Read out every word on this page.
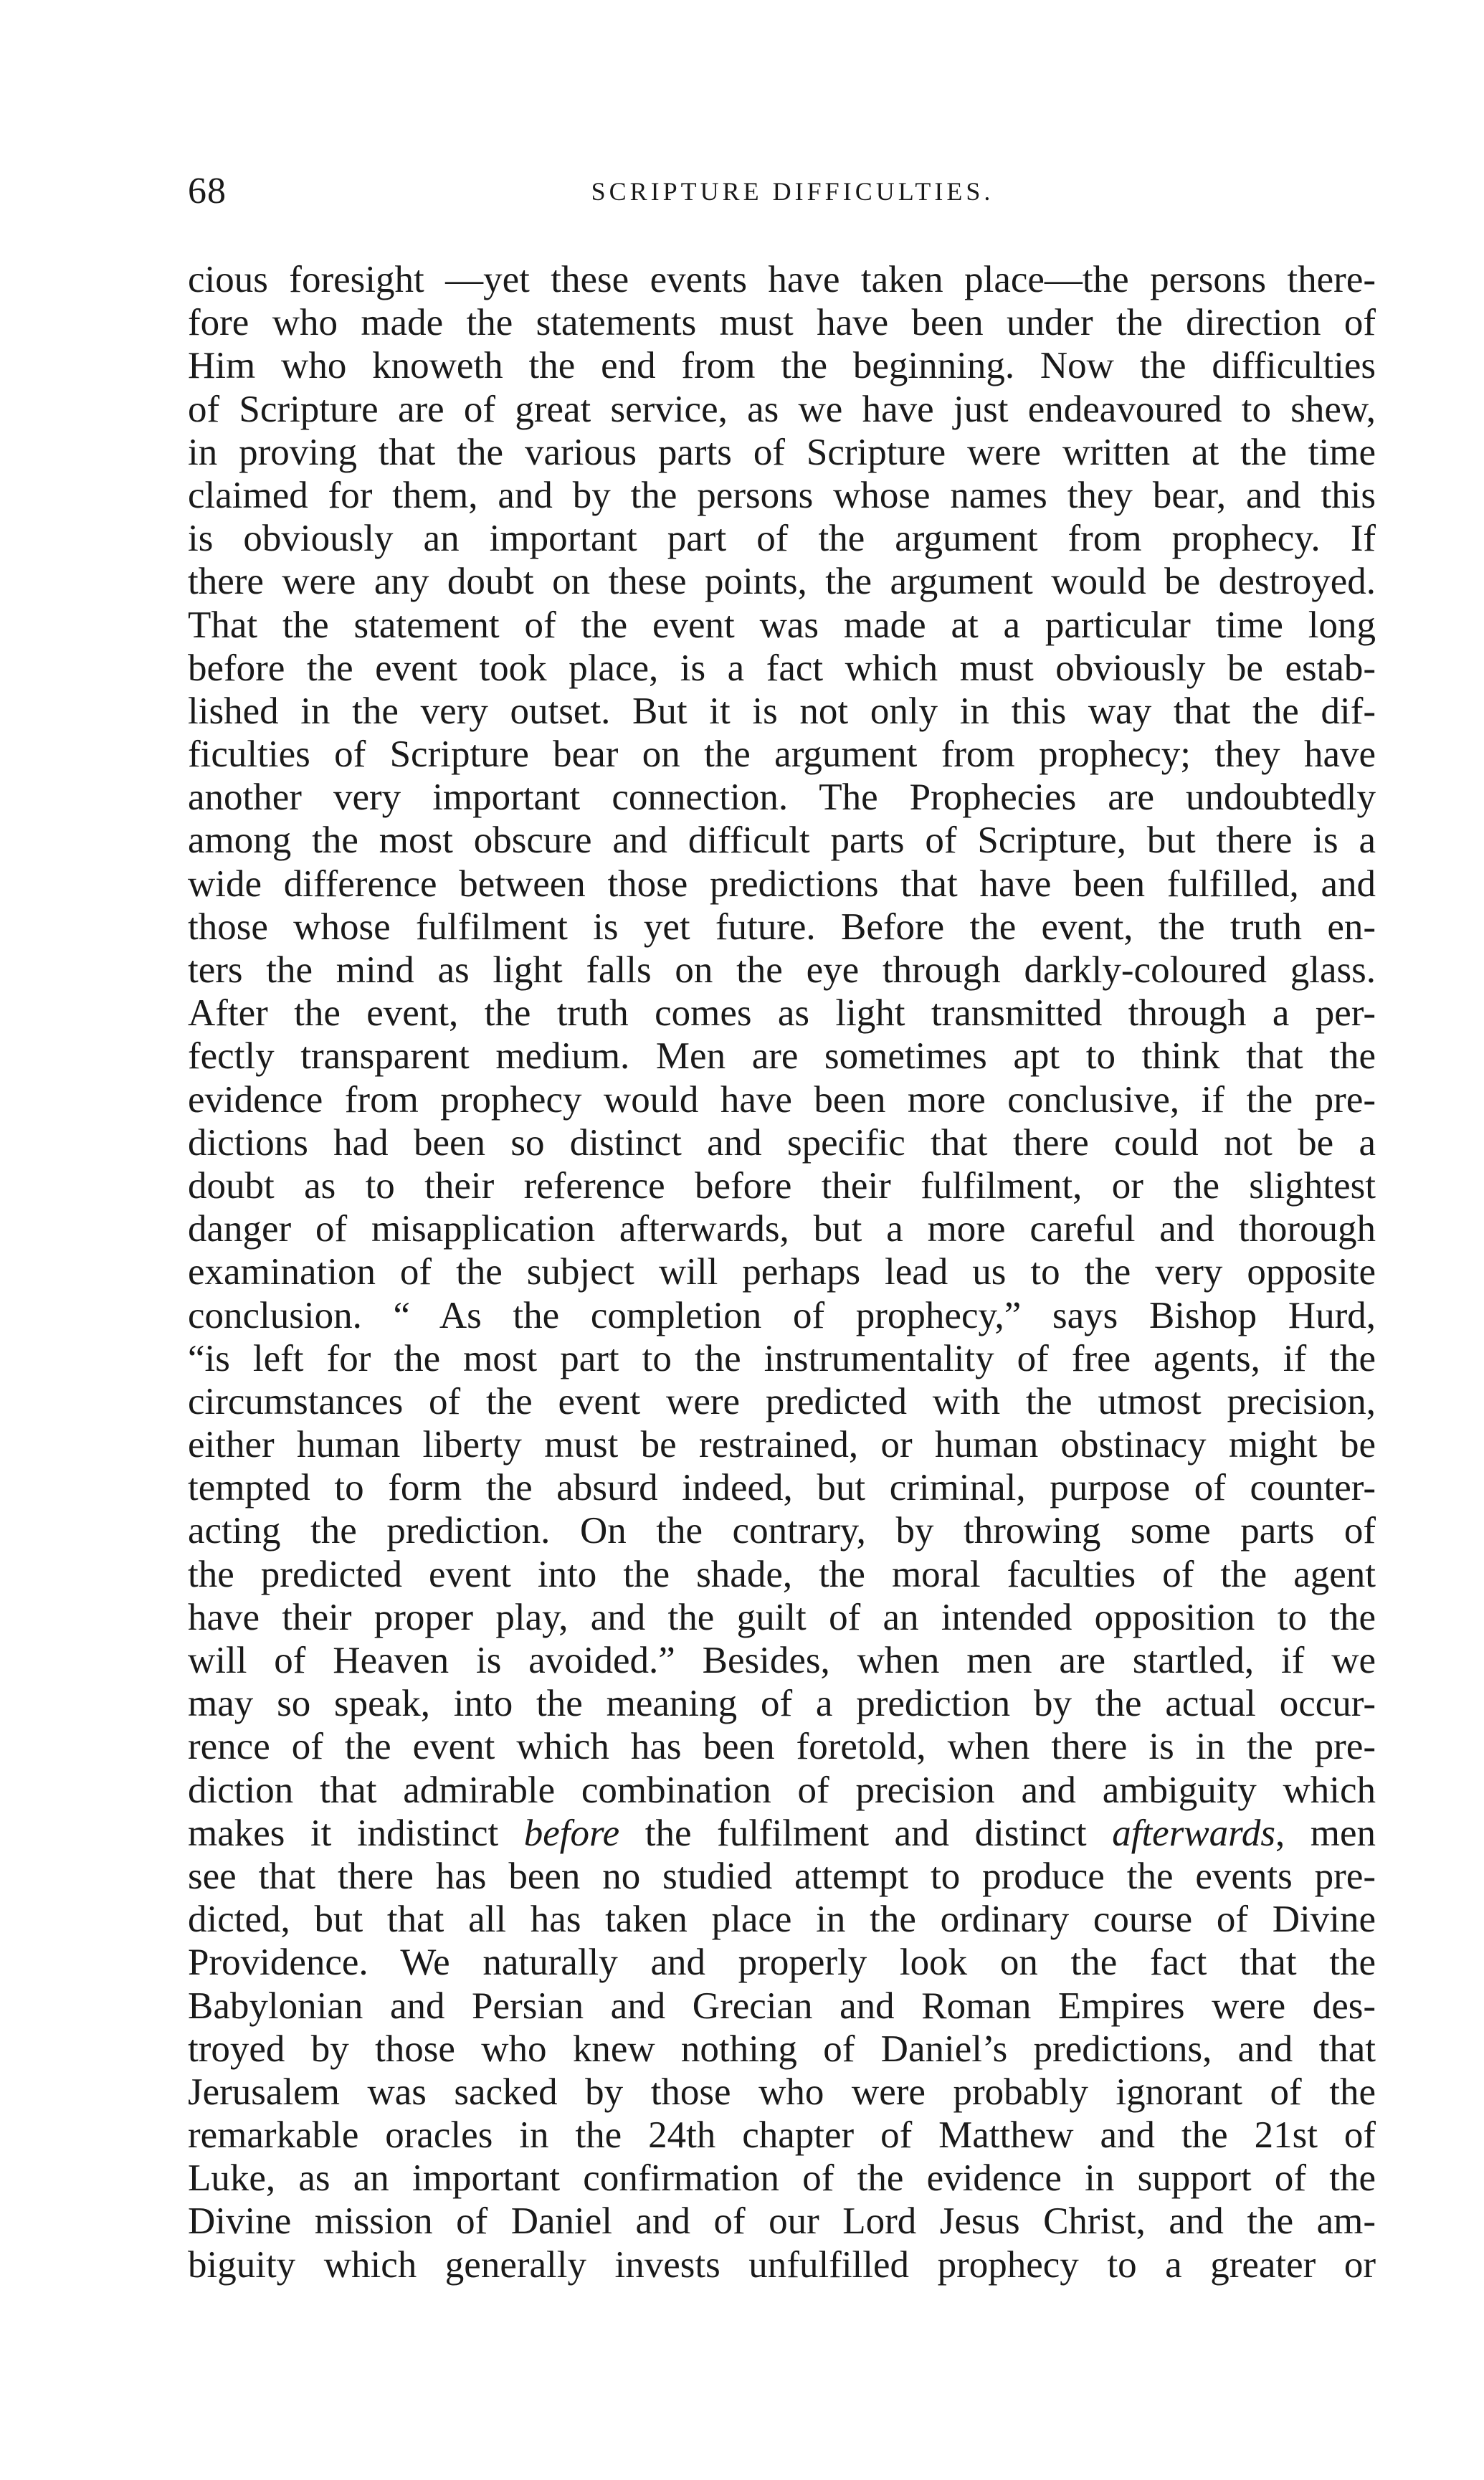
68	SCRIPTURE DIFFICULTIES.
cious foresight —yet these events have taken place—the persons there-
fore who made the statements must have been under the direction of
Him who knoweth the end from the beginning. Now the difficulties
of Scripture are of great service, as we have just endeavoured to shew,
in proving that the various parts of Scripture were written at the time
claimed for them, and by the persons whose names they bear, and this
is obviously an important part of the argument from prophecy. If
there were any doubt on these points, the argument would be destroyed.
That the statement of the event was made at a particular time long
before the event took place, is a fact which must obviously be estab-
lished in the very outset. But it is not only in this way that the dif-
ficulties of Scripture bear on the argument from prophecy; they have
another very important connection. The Prophecies are undoubtedly
among the most obscure and difficult parts of Scripture, but there is a
wide difference between those predictions that have been fulfilled, and
those whose fulfilment is yet future. Before the event, the truth en-
ters the mind as light falls on the eye through darkly-coloured glass.
After the event, the truth comes as light transmitted through a per-
fectly transparent medium. Men are sometimes apt to think that the
evidence from prophecy would have been more conclusive, if the pre-
dictions had been so distinct and specific that there could not be a
doubt as to their reference before their fulfilment, or the slightest
danger of misapplication afterwards, but a more careful and thorough
examination of the subject will perhaps lead us to the very opposite
conclusion. “ As the completion of prophecy,” says Bishop Hurd,
“is left for the most part to the instrumentality of free agents, if the
circumstances of the event were predicted with the utmost precision,
either human liberty must be restrained, or human obstinacy might be
tempted to form the absurd indeed, but criminal, purpose of counter-
acting the prediction. On the contrary, by throwing some parts of
the predicted event into the shade, the moral faculties of the agent
have their proper play, and the guilt of an intended opposition to the
will of Heaven is avoided.” Besides, when men are startled, if we
may so speak, into the meaning of a prediction by the actual occur-
rence of the event which has been foretold, when there is in the pre-
diction that admirable combination of precision and ambiguity which
makes it indistinct before the fulfilment and distinct afterwards, men
see that there has been no studied attempt to produce the events pre-
dicted, but that all has taken place in the ordinary course of Divine
Providence. We naturally and properly look on the fact that the
Babylonian and Persian and Grecian and Roman Empires were des-
troyed by those who knew nothing of Daniel’s predictions, and that
Jerusalem was sacked by those who were probably ignorant of the
remarkable oracles in the 24th chapter of Matthew and the 21st of
Luke, as an important confirmation of the evidence in support of the
Divine mission of Daniel and of our Lord Jesus Christ, and the am-
biguity which generally invests unfulfilled prophecy to a greater or
